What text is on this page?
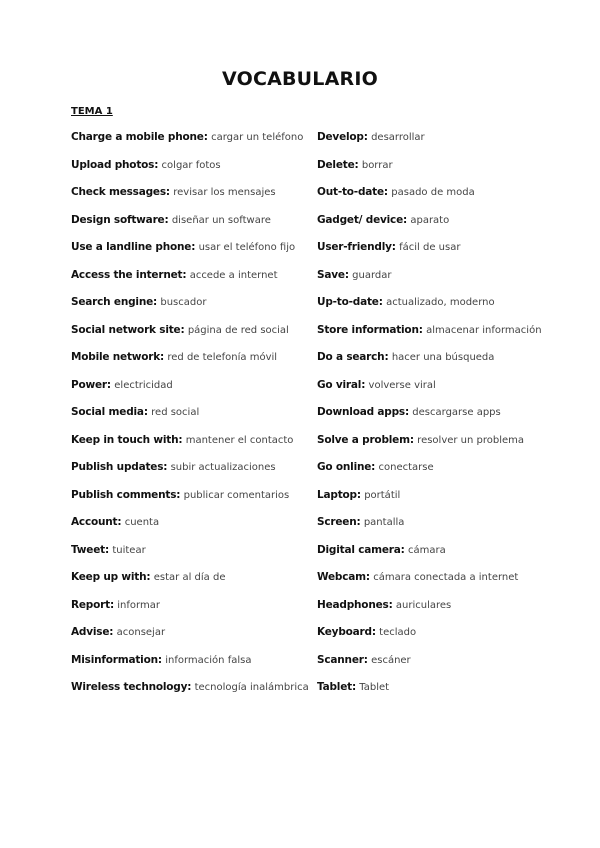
VOCABULARIO
TEMA 1
Charge a mobile phone: cargar un teléfono
Upload photos: colgar fotos
Check messages: revisar los mensajes
Design software: diseñar un software
Use a landline phone: usar el teléfono fijo
Access the internet: accede a internet
Search engine: buscador
Social network site: página de red social
Mobile network: red de telefonía móvil
Power: electricidad
Social media: red social
Keep in touch with: mantener el contacto
Publish updates: subir actualizaciones
Publish comments: publicar comentarios
Account: cuenta
Tweet: tuitear
Keep up with: estar al día de
Report: informar
Advise: aconsejar
Misinformation: información falsa
Wireless technology: tecnología inalámbrica
Develop: desarrollar
Delete: borrar
Out-to-date: pasado de moda
Gadget/ device: aparato
User-friendly: fácil de usar
Save: guardar
Up-to-date: actualizado, moderno
Store information: almacenar información
Do a search: hacer una búsqueda
Go viral: volverse viral
Download apps: descargarse apps
Solve a problem: resolver un problema
Go online: conectarse
Laptop: portátil
Screen: pantalla
Digital camera: cámara
Webcam: cámara conectada a internet
Headphones: auriculares
Keyboard: teclado
Scanner: escáner
Tablet: Tablet
